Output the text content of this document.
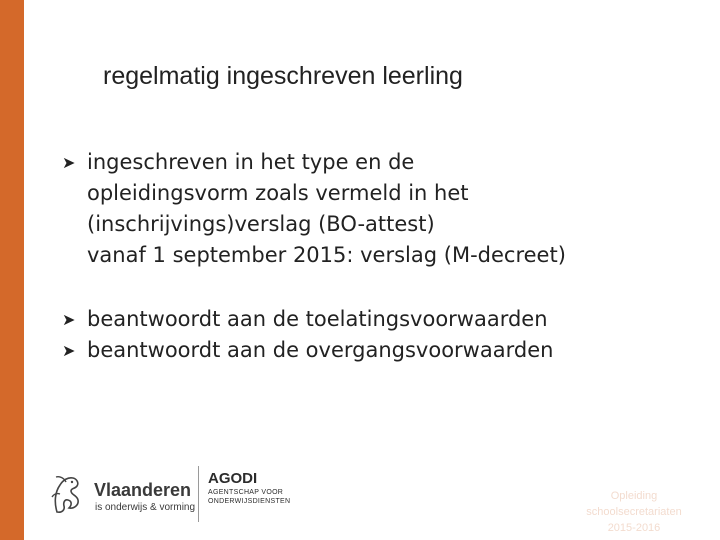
regelmatig ingeschreven leerling
➤ ingeschreven in het type en de
opleidingsvorm zoals vermeld in het
(inschrijvings)verslag (BO-attest)
vanaf 1 september 2015: verslag (M-decreet)
➤ beantwoordt aan de toelatingsvoorwaarden
➤ beantwoordt aan de overgangsvoorwaarden
Vlaanderen
is onderwijs & vorming
AGODI
AGENTSCHAP VOOR
ONDERWIJSDIENSTEN	Opleiding
schoolsecretariaten
2015-2016
